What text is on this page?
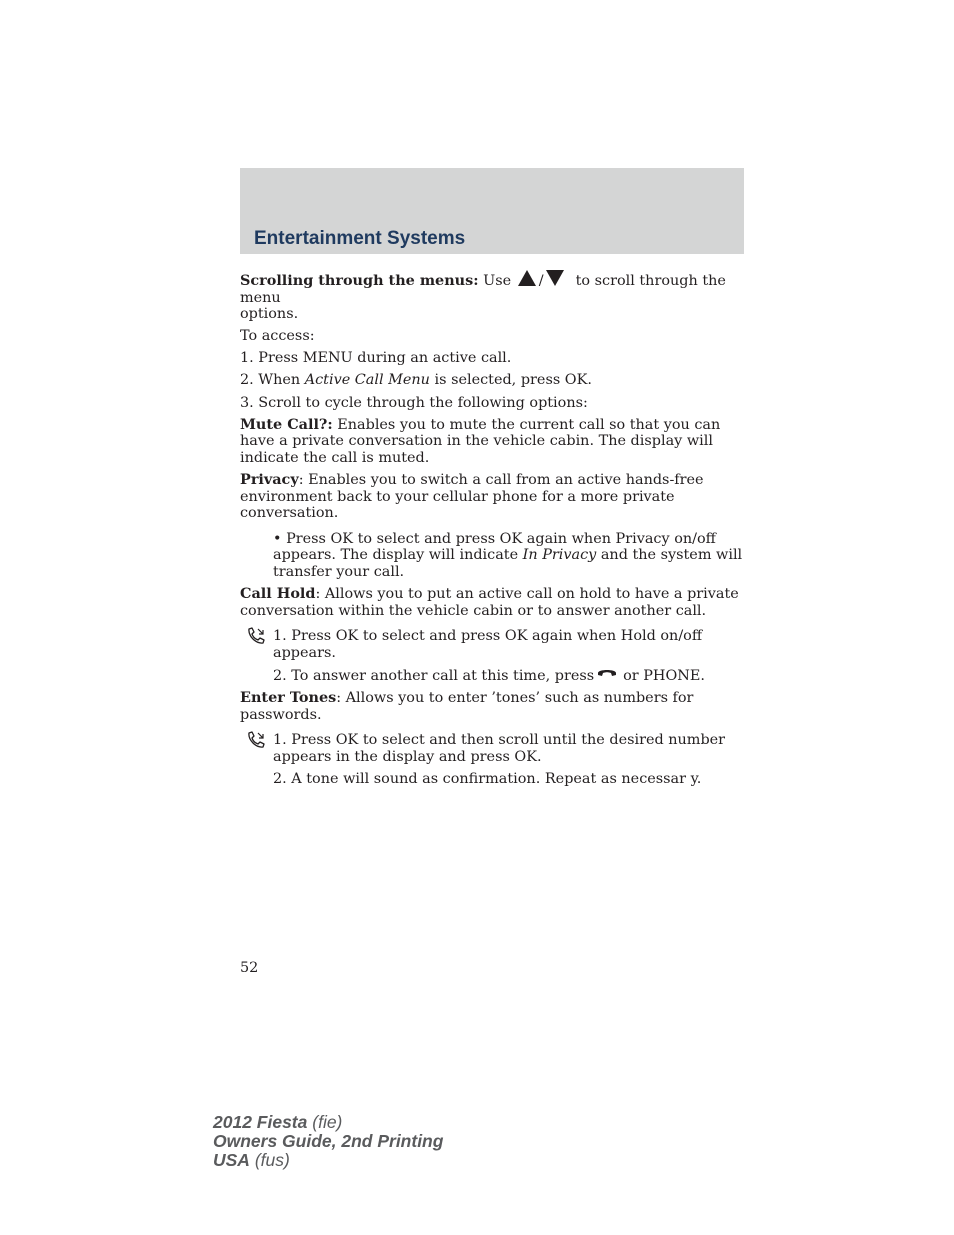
Entertainment Systems

Scrolling through the menus: Use / to scroll through the menu
options.

To access:

1. Press MENU during an active call.

2. When Active Call Menu is selected, press OK.

3. Scroll to cycle through the following options:

Mute Call?: Enables you to mute the current call so that you can have a private conversation in the vehicle cabin. The display will indicate the call is muted.

Privacy: Enables you to switch a call from an active hands-free environment back to your cellular phone for a more private conversation.

• Press OK to select and press OK again when Privacy on/off appears. The display will indicate In Privacy and the system will transfer your call.

Call Hold: Allows you to put an active call on hold to have a private conversation within the vehicle cabin or to answer another call.

1. Press OK to select and press OK again when Hold on/off appears.

2. To answer another call at this time, press or PHONE.

Enter Tones: Allows you to enter ’tones’ such as numbers for passwords.

1. Press OK to select and then scroll until the desired number appears in the display and press OK.

2. A tone will sound as confirmation. Repeat as necessar y.

52
2012 Fiesta (fie)
Owners Guide, 2nd Printing
USA (fus)
